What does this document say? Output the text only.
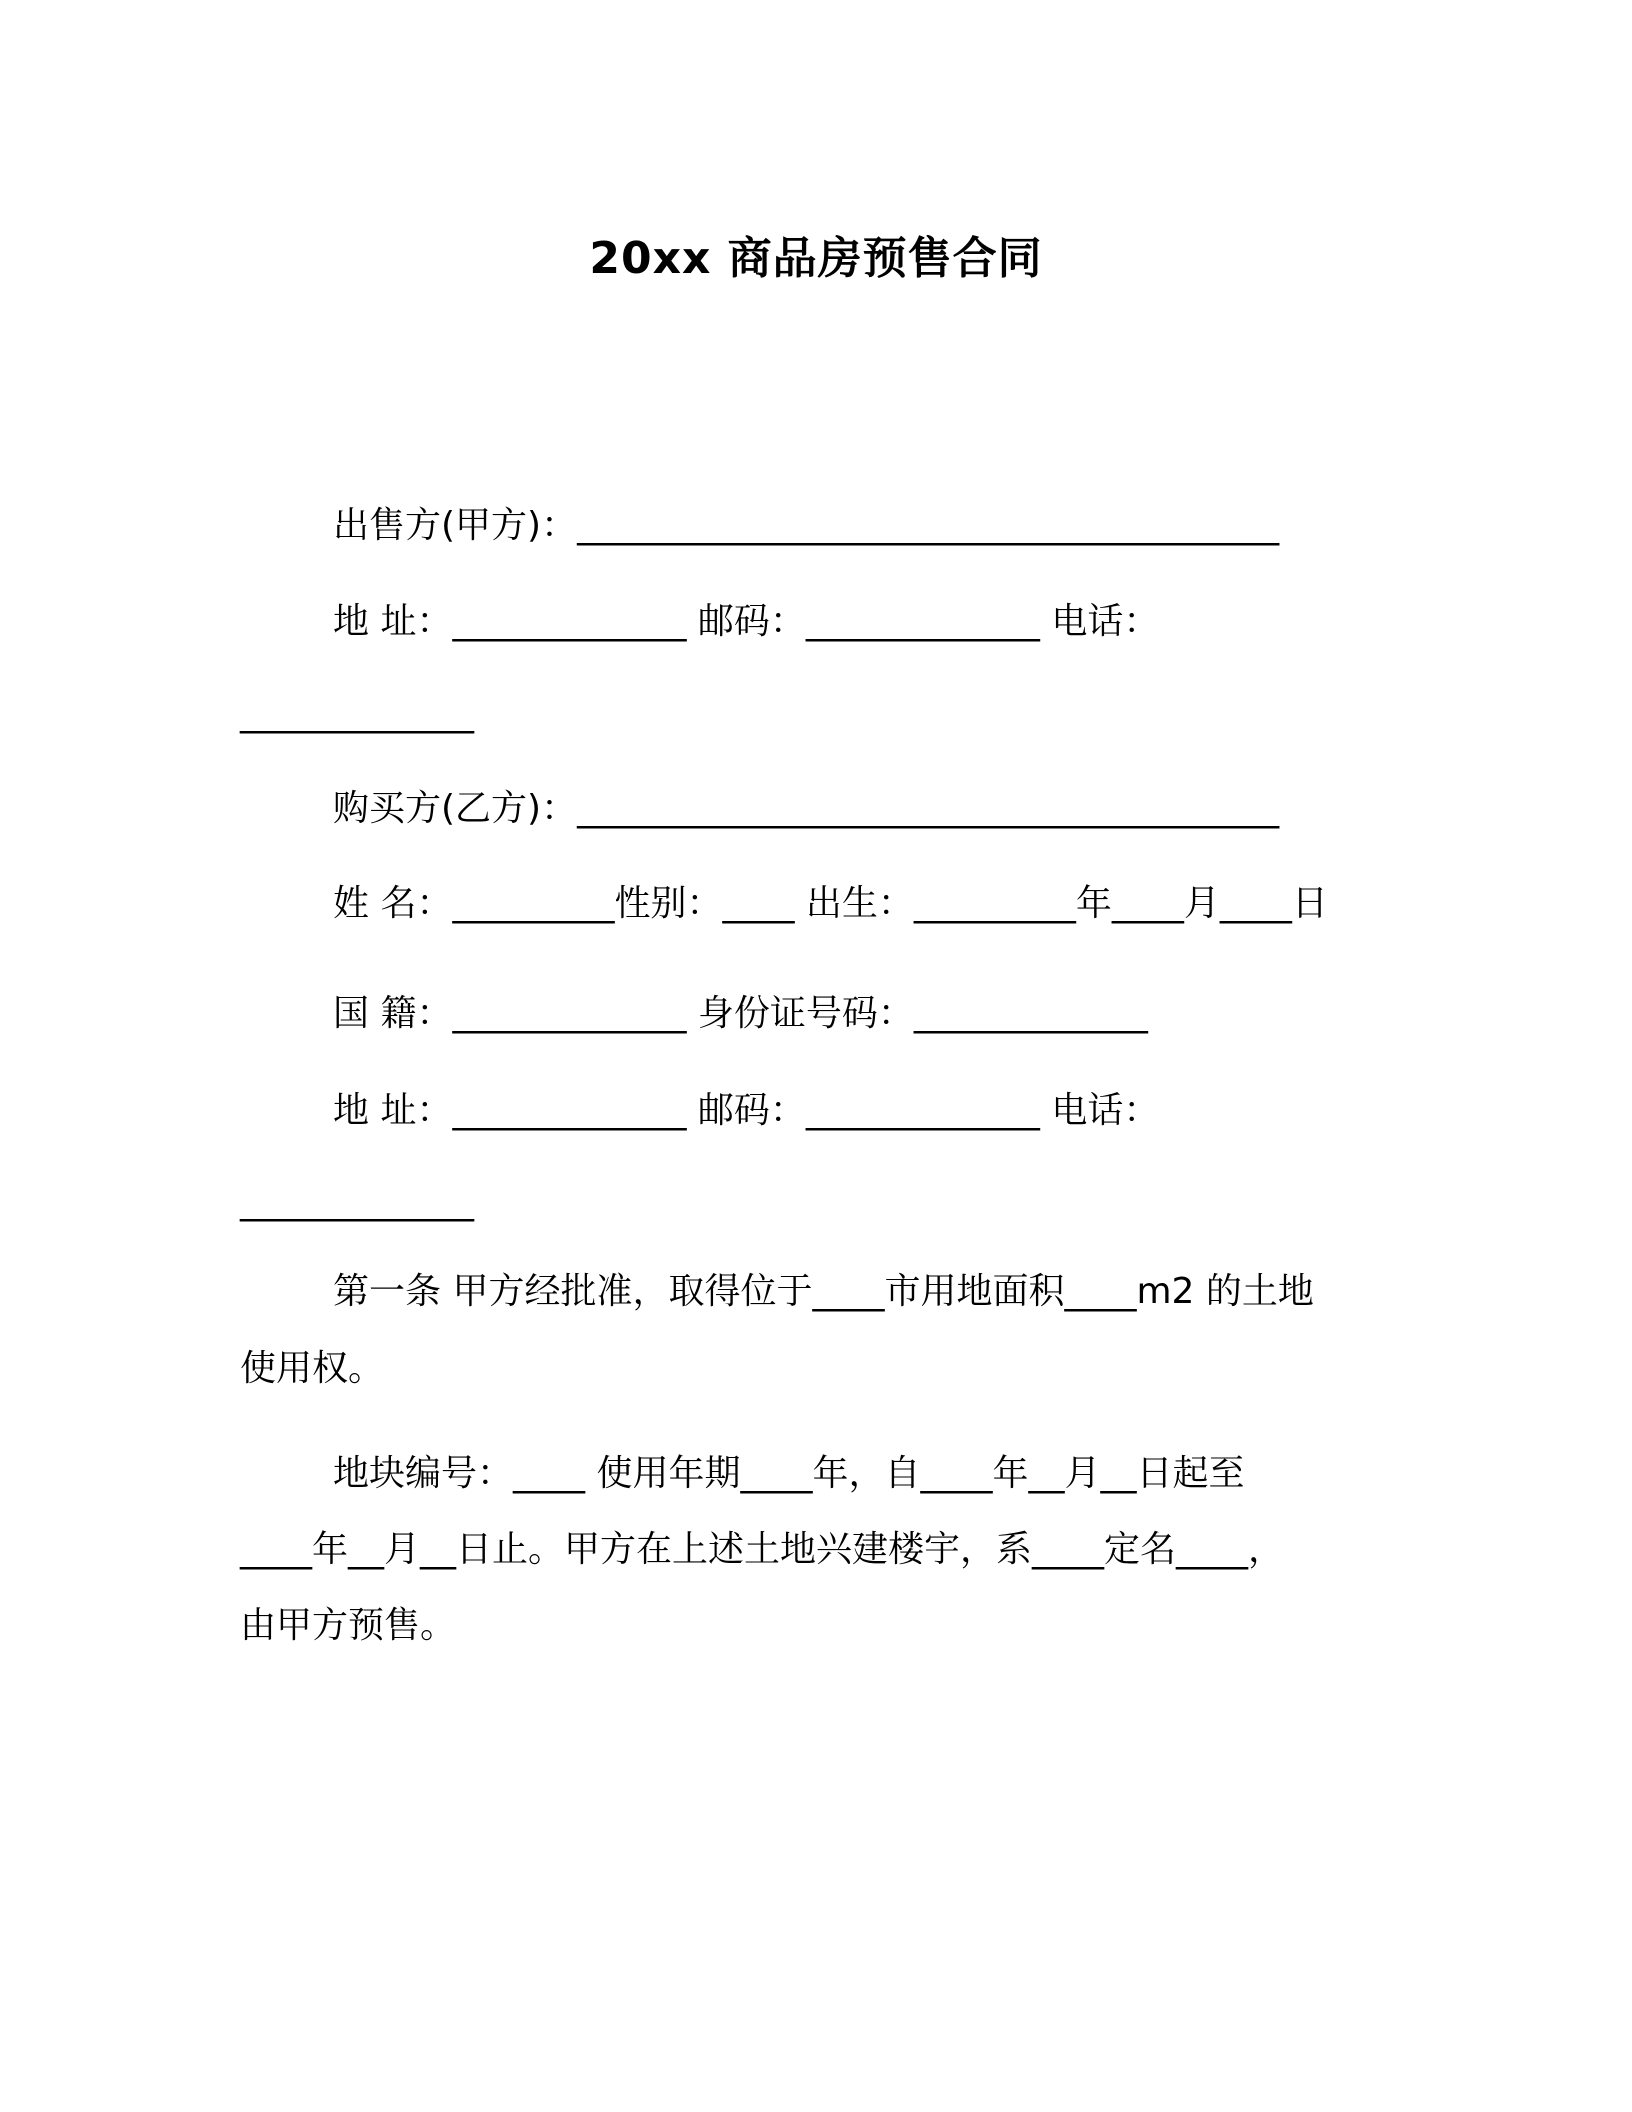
20xx 商品房预售合同
出售方(甲方)：_______________________________________
地 址：_____________ 邮码：_____________ 电话：
_____________
购买方(乙方)：_______________________________________
姓 名：_________性别：____ 出生：_________年____月____日
国 籍：_____________ 身份证号码：_____________
地 址：_____________ 邮码：_____________ 电话：
_____________
第一条 甲方经批准，取得位于____市用地面积____m2 的土地
使用权。
地块编号：____ 使用年期____年，自____年__月__日起至
____年__月__日止。甲方在上述土地兴建楼宇，系____定名____，
由甲方预售。
